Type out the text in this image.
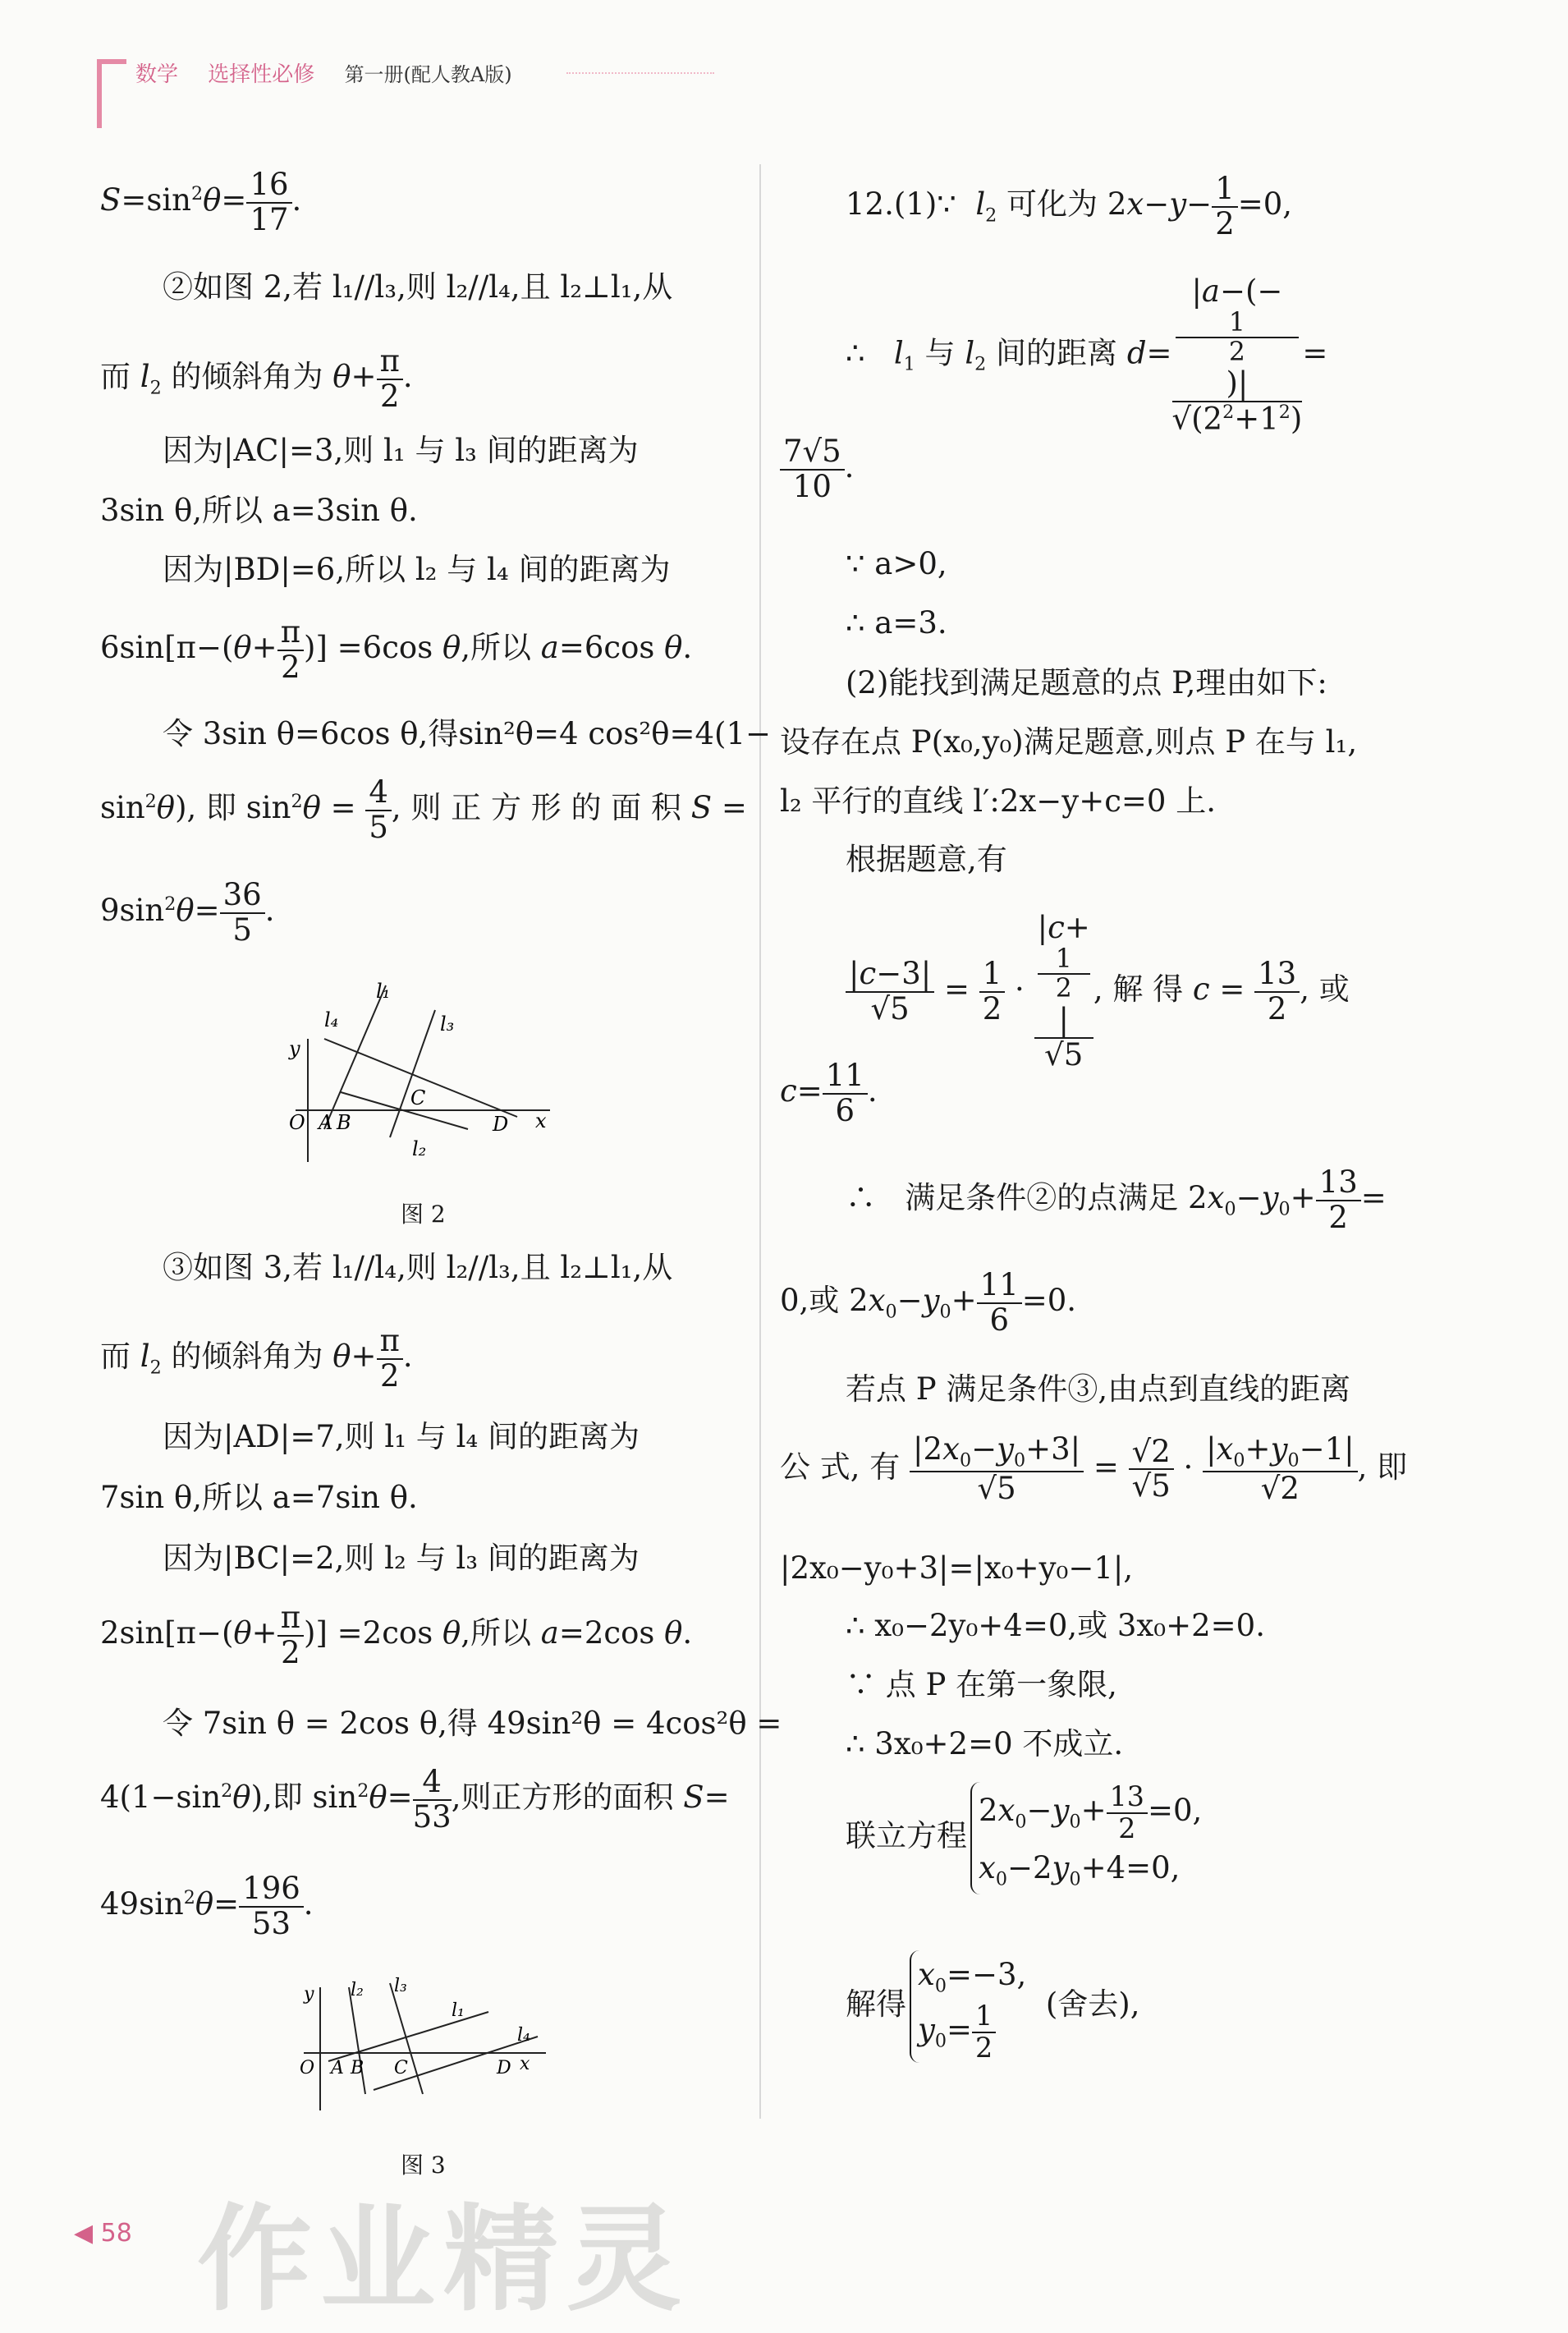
数学 选择性必修 第一册(配人教A版)

$S=\sin^2\theta= \frac{16}{17}$ .

②如图 2,若 l₁//l₃,则 l₂//l₄,且 l₂⊥l₁,从

而 $l_2$ 的倾斜角为 $\theta+ \frac{\pi}{2}$ .

因为|AC|=3,则 l₁ 与 l₃ 间的距离为

3sin θ,所以 a=3sin θ.

因为|BD|=6,所以 l₂ 与 l₄ 间的距离为

$6\sin[\pi-(\theta+ \frac{\pi}{2}$ )] =6cos θ,所以 a=6cos θ.

令 3sin θ=6cos θ,得sin²θ=4 cos²θ=4(1−

$\sin^2\theta$), 即 $\sin^2\theta = \frac{4}{5}$ , 则 正 方 形 的 面 积 S =

$9\sin^2\theta= \frac{36}{5}$ .

y
O A B
C
D x
l₄
l₁
l₃
l₂

图 2

③如图 3,若 l₁//l₄,则 l₂//l₃,且 l₂⊥l₁,从

而 $l_2$ 的倾斜角为 $\theta+ \frac{\pi}{2}$ .

因为|AD|=7,则 l₁ 与 l₄ 间的距离为

7sin θ,所以 a=7sin θ.

因为|BC|=2,则 l₂ 与 l₃ 间的距离为

$2\sin[\pi-(\theta+ \frac{\pi}{2}$ )] =2cos θ,所以 a=2cos θ.

令 7sin θ = 2cos θ,得 49sin²θ = 4cos²θ =

$4(1-\sin^2\theta)$,即 $\sin^2\theta= \frac{4}{53}$ ,则正方形的面积 S=

$49\sin^2\theta= \frac{196}{53}$ .

y l₂ l₃
l₁
l₄
O A B C	D x

图 3

12.(1)∵  $l_2$ 可化为 $2x-y- \frac{1}{2} =0$,

∴   $l_1$ 与 $l_2$ 间的距离 d= |a−(−
1
2
)|
$√(2^2+1^2)$ =

$\frac{7√5}{10}$ .

∵ a>0,

∴ a=3.

(2)能找到满足题意的点 P,理由如下:

设存在点 P(x₀,y₀)满足题意,则点 P 在与 l₁,

l₂ 平行的直线 l′:2x−y+c=0 上.

根据题意,有

$\frac{|c-3|}{√5} = \frac{1}{2} \cdot |c+$
1
2
|
√5 , 解 得 $c = \frac{13}{2}$ , 或

$c= \frac{11}{6}$ .

∴   满足条件②的点满足 $2x_0-y_0+ \frac{13}{2}$ =

0,或 $2x_0-y_0+ \frac{11}{6} =0$.

若点 P 满足条件③,由点到直线的距离

公 式, 有 $\frac{|2x_0-y_0+3|}{√5} = \frac{√2}{√5} \cdot \frac{|x_0+y_0-1|}{√2}$ , 即

|2x₀−y₀+3|=|x₀+y₀−1|,

∴ x₀−2y₀+4=0,或 3x₀+2=0.

∵ 点 P 在第一象限,

∴ 3x₀+2=0 不成立.

联立方程$2x_0-y_0+ \frac{13}{2} =0$,
$x_0-2y_0+4=0$,

解得$x_0=-3$,
$y_0= \frac{1}{2}$ (舍去),

◀ 58 作业精灵
